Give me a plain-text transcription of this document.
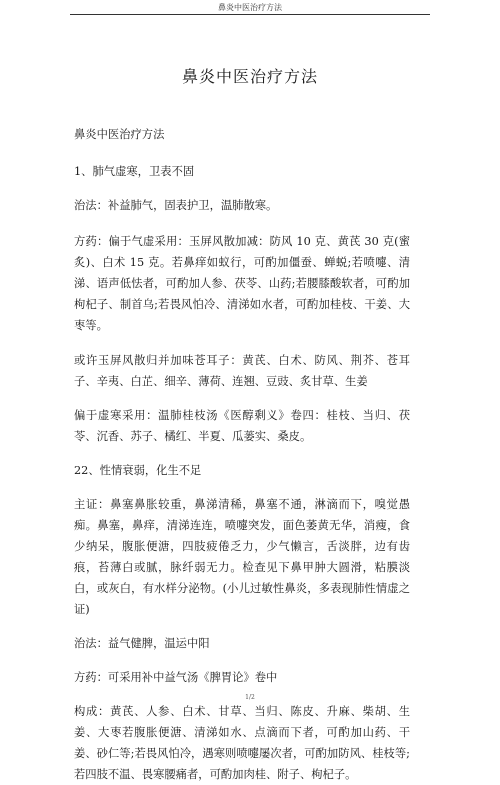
鼻炎中医治疗方法
鼻炎中医治疗方法

鼻炎中医治疗方法

1、肺气虚寒，卫表不固

治法：补益肺气，固表护卫，温肺散寒。

方药：偏于气虚采用：玉屏风散加减：防风 10 克、黄芪 30 克(蜜炙)、白术 15 克。若鼻痒如蚁行，可酌加僵蚕、蝉蜕;若喷嚏、清涕、语声低怯者，可酌加人参、茯苓、山药;若腰膝酸软者，可酌加枸杞子、制首乌;若畏风怕冷、清涕如水者，可酌加桂枝、干姜、大枣等。

或许玉屏风散归并加味苍耳子：黄芪、白术、防风、荆芥、苍耳子、辛夷、白芷、细辛、薄荷、连翘、豆豉、炙甘草、生姜

偏于虚寒采用：温肺桂枝汤《医醇剩义》卷四：桂枝、当归、茯苓、沉香、苏子、橘红、半夏、瓜蒌实、桑皮。

22、性情衰弱，化生不足

主证：鼻塞鼻胀较重，鼻涕清稀，鼻塞不通，淋滴而下，嗅觉愚痴。鼻塞，鼻痒，清涕连连，喷嚏突发，面色萎黄无华，消瘦，食少纳呆，腹胀便溏，四肢疲倦乏力，少气懒言，舌淡胖，边有齿痕，苔薄白或腻，脉纤弱无力。检查见下鼻甲肿大圆滑，粘膜淡白，或灰白，有水样分泌物。(小儿过敏性鼻炎，多表现肺性情虚之证)

治法：益气健脾，温运中阳

方药：可采用补中益气汤《脾胃论》卷中

构成：黄芪、人参、白术、甘草、当归、陈皮、升麻、柴胡、生姜、大枣若腹胀便溏、清涕如水、点滴而下者，可酌加山药、干姜、砂仁等;若畏风怕冷，遇寒则喷嚏屡次者，可酌加防风、桂枝等;若四肢不温、畏寒腰痛者，可酌加肉桂、附子、枸杞子。

1/2
